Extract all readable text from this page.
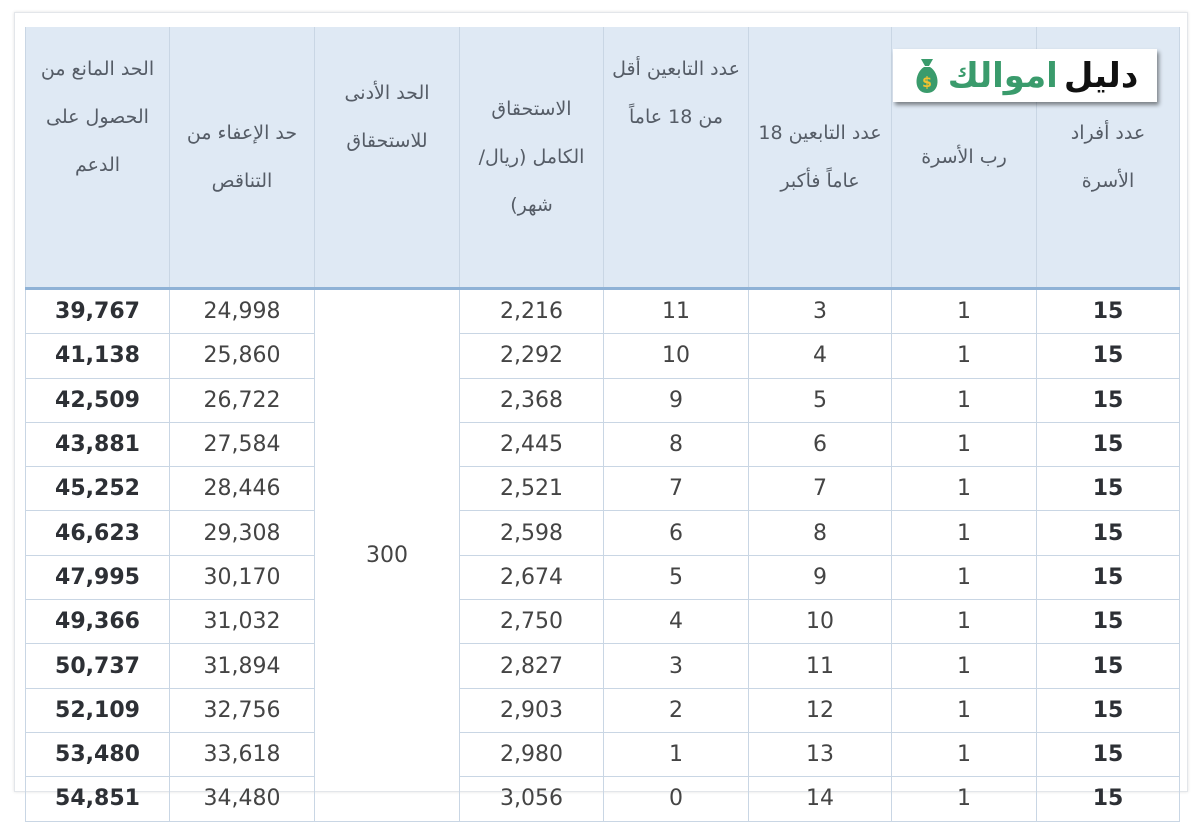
عدد أفراد الأسرة	رب الأسرة	عدد التابعين 18 عاماً فأكبر	عدد التابعين أقل من 18 عاماً	الاستحقاق الكامل (ريال/شهر)	الحد الأدنى للاستحقاق	حد الإعفاء من التناقص	الحد المانع من الحصول على الدعم
15	1	3	11	2,216	300	24,998	39,767
15	1	4	10	2,292		25,860	41,138
15	1	5	9	2,368		26,722	42,509
15	1	6	8	2,445		27,584	43,881
15	1	7	7	2,521		28,446	45,252
15	1	8	6	2,598		29,308	46,623
15	1	9	5	2,674		30,170	47,995
15	1	10	4	2,750		31,032	49,366
15	1	11	3	2,827		31,894	50,737
15	1	12	2	2,903		32,756	52,109
15	1	13	1	2,980		33,618	53,480
15	1	14	0	3,056		34,480	54,851
دليل
اموالك
$
